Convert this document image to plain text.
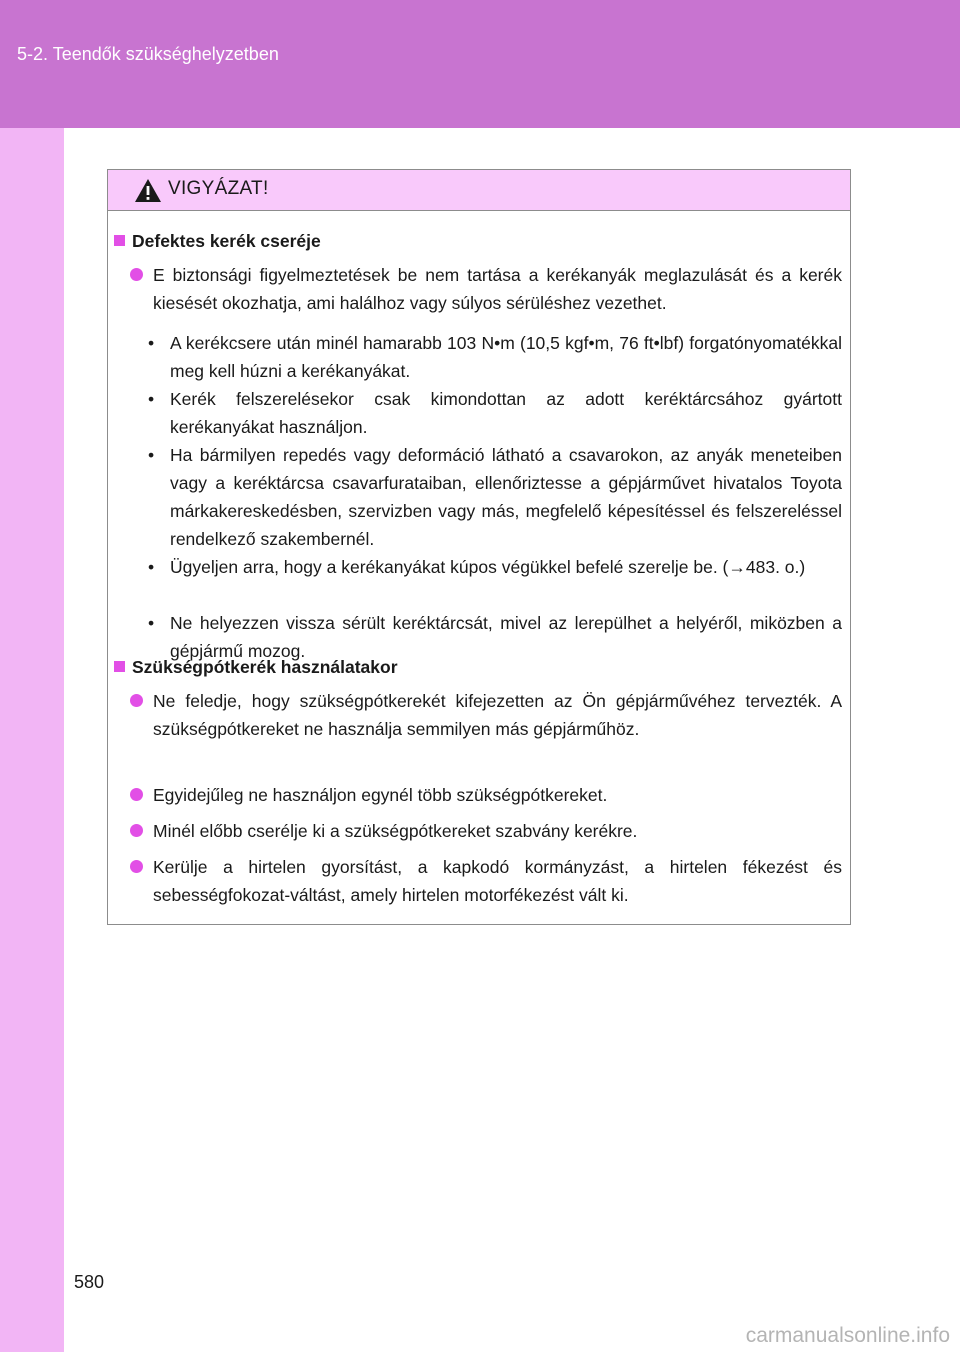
5-2. Teendők szükséghelyzetben
VIGYÁZAT!
Defektes kerék cseréje
E biztonsági figyelmeztetések be nem tartása a kerékanyák meglazulását és a kerék kiesését okozhatja, ami halálhoz vagy súlyos sérüléshez vezethet.
• A kerékcsere után minél hamarabb 103 N•m (10,5 kgf•m, 76 ft•lbf) forgatónyomatékkal meg kell húzni a kerékanyákat.
• Kerék felszerelésekor csak kimondottan az adott keréktárcsához gyártott kerékanyákat használjon.
• Ha bármilyen repedés vagy deformáció látható a csavarokon, az anyák meneteiben vagy a keréktárcsa csavarfurataiban, ellenőriztesse a gépjárművet hivatalos Toyota márkakereskedésben, szervizben vagy más, megfelelő képesítéssel és felszereléssel rendelkező szakembernél.
• Ügyeljen arra, hogy a kerékanyákat kúpos végükkel befelé szerelje be. (→483. o.)
• Ne helyezzen vissza sérült keréktárcsát, mivel az lerepülhet a helyéről, miközben a gépjármű mozog.
Szükségpótkerék használatakor
Ne feledje, hogy szükségpótkerekét kifejezetten az Ön gépjárművéhez tervezték. A szükségpótkereket ne használja semmilyen más gépjárműhöz.
Egyidejűleg ne használjon egynél több szükségpótkereket.
Minél előbb cserélje ki a szükségpótkereket szabvány kerékre.
Kerülje a hirtelen gyorsítást, a kapkodó kormányzást, a hirtelen fékezést és sebességfokozat-váltást, amely hirtelen motorfékezést vált ki.
580
carmanualsonline.info
